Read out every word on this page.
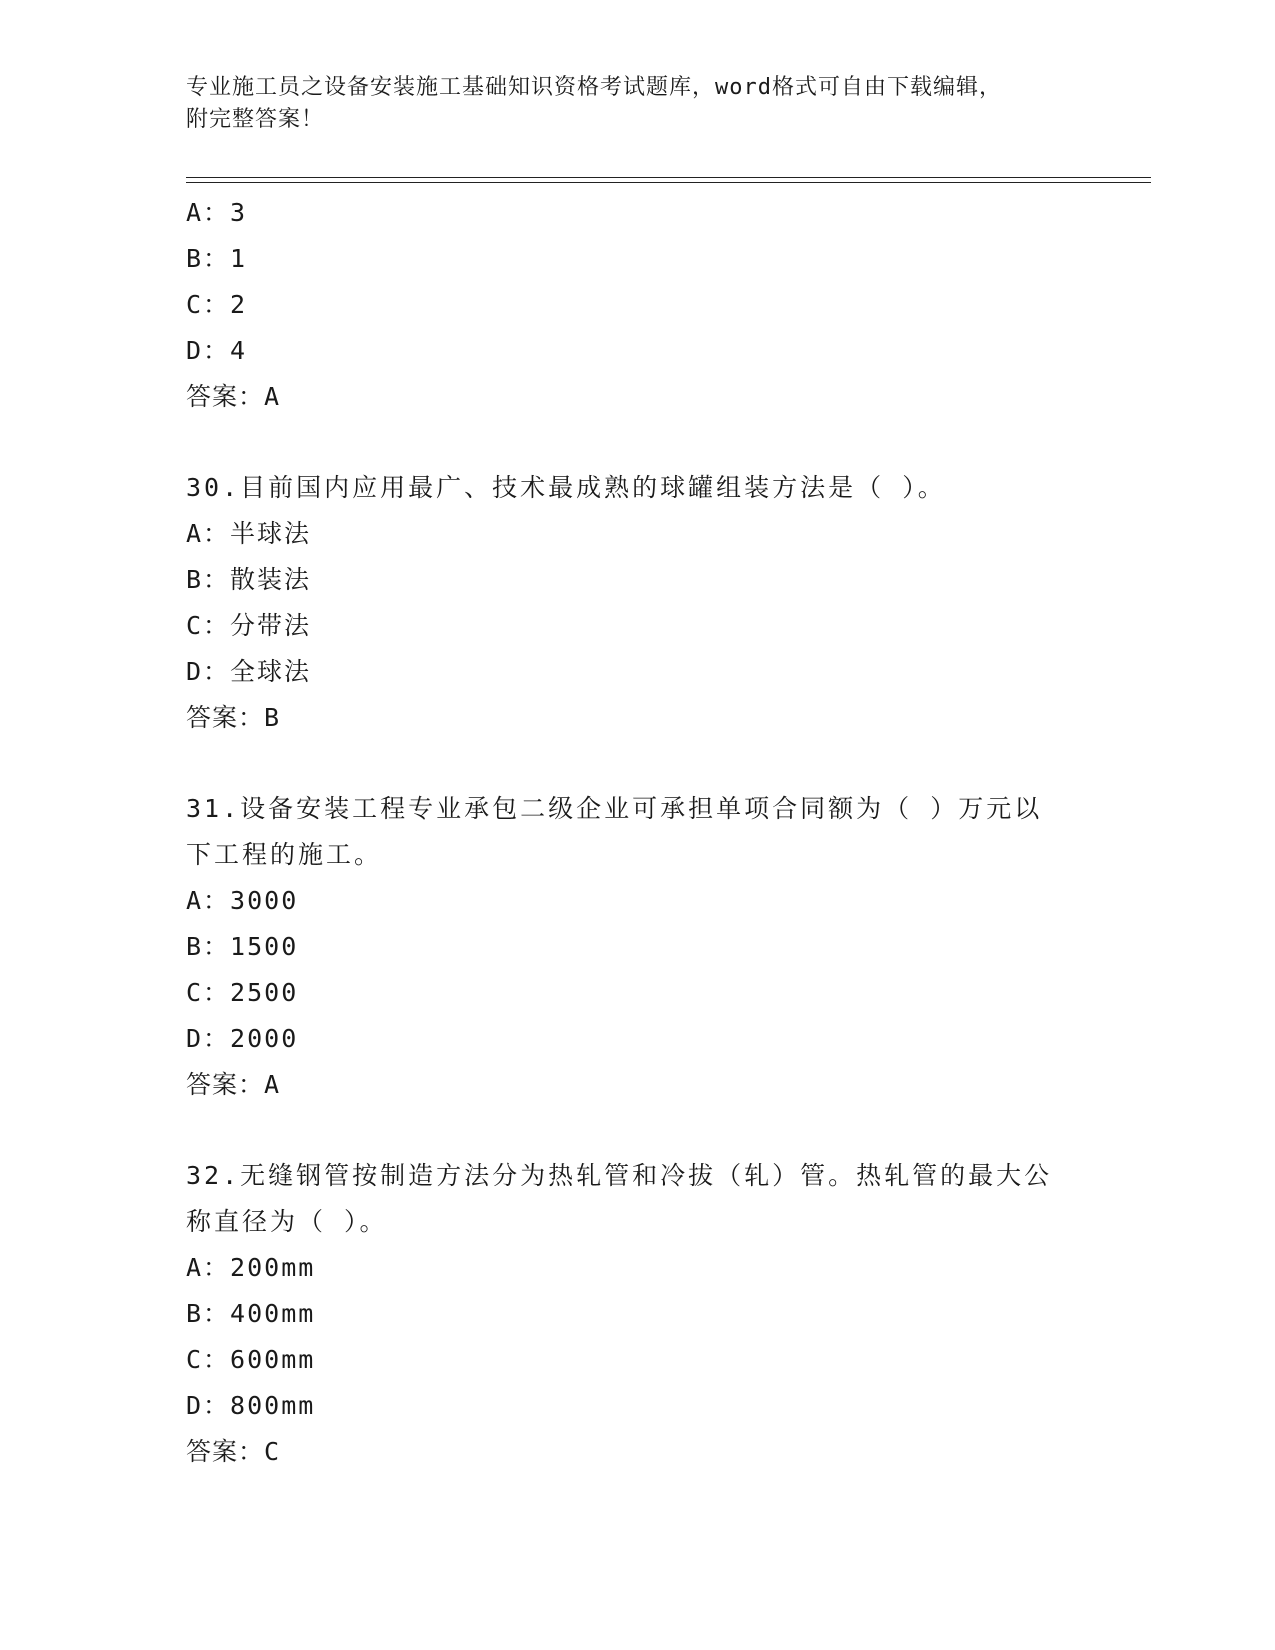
专业施工员之设备安装施工基础知识资格考试题库，word格式可自由下载编辑，
附完整答案！
A：3
B：1
C：2
D：4
答案：A
30.目前国内应用最广、技术最成熟的球罐组装方法是（ ）。
A：半球法
B：散装法
C：分带法
D：全球法
答案：B
31.设备安装工程专业承包二级企业可承担单项合同额为（ ）万元以
下工程的施工。
A：3000
B：1500
C：2500
D：2000
答案：A
32.无缝钢管按制造方法分为热轧管和冷拔（轧）管。热轧管的最大公
称直径为（ ）。
A：200mm
B：400mm
C：600mm
D：800mm
答案：C
